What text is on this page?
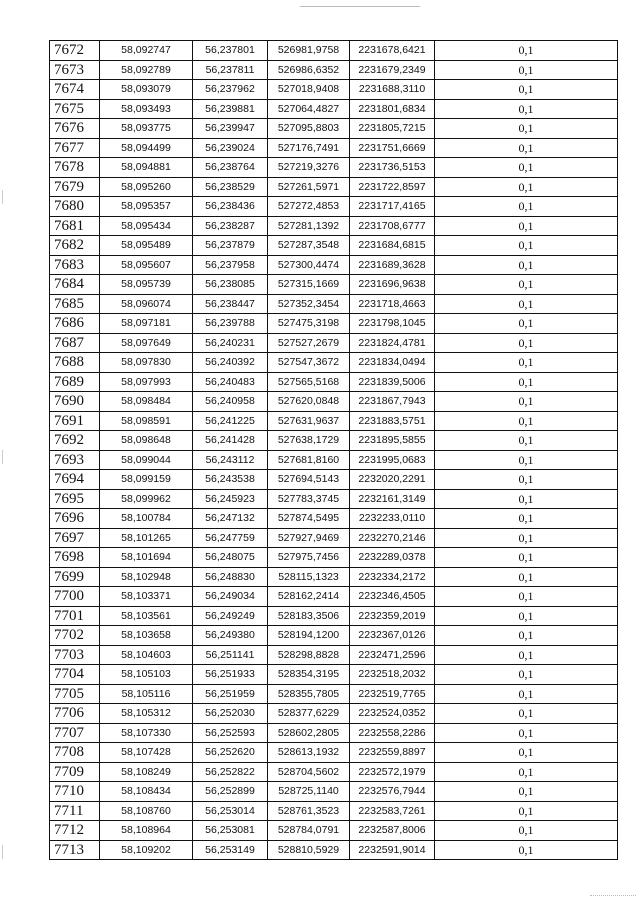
7672	58,092747	56,237801	526981,9758	2231678,6421	0,1
7673	58,092789	56,237811	526986,6352	2231679,2349	0,1
7674	58,093079	56,237962	527018,9408	2231688,3110	0,1
7675	58,093493	56,239881	527064,4827	2231801,6834	0,1
7676	58,093775	56,239947	527095,8803	2231805,7215	0,1
7677	58,094499	56,239024	527176,7491	2231751,6669	0,1
7678	58,094881	56,238764	527219,3276	2231736,5153	0,1
7679	58,095260	56,238529	527261,5971	2231722,8597	0,1
7680	58,095357	56,238436	527272,4853	2231717,4165	0,1
7681	58,095434	56,238287	527281,1392	2231708,6777	0,1
7682	58,095489	56,237879	527287,3548	2231684,6815	0,1
7683	58,095607	56,237958	527300,4474	2231689,3628	0,1
7684	58,095739	56,238085	527315,1669	2231696,9638	0,1
7685	58,096074	56,238447	527352,3454	2231718,4663	0,1
7686	58,097181	56,239788	527475,3198	2231798,1045	0,1
7687	58,097649	56,240231	527527,2679	2231824,4781	0,1
7688	58,097830	56,240392	527547,3672	2231834,0494	0,1
7689	58,097993	56,240483	527565,5168	2231839,5006	0,1
7690	58,098484	56,240958	527620,0848	2231867,7943	0,1
7691	58,098591	56,241225	527631,9637	2231883,5751	0,1
7692	58,098648	56,241428	527638,1729	2231895,5855	0,1
7693	58,099044	56,243112	527681,8160	2231995,0683	0,1
7694	58,099159	56,243538	527694,5143	2232020,2291	0,1
7695	58,099962	56,245923	527783,3745	2232161,3149	0,1
7696	58,100784	56,247132	527874,5495	2232233,0110	0,1
7697	58,101265	56,247759	527927,9469	2232270,2146	0,1
7698	58,101694	56,248075	527975,7456	2232289,0378	0,1
7699	58,102948	56,248830	528115,1323	2232334,2172	0,1
7700	58,103371	56,249034	528162,2414	2232346,4505	0,1
7701	58,103561	56,249249	528183,3506	2232359,2019	0,1
7702	58,103658	56,249380	528194,1200	2232367,0126	0,1
7703	58,104603	56,251141	528298,8828	2232471,2596	0,1
7704	58,105103	56,251933	528354,3195	2232518,2032	0,1
7705	58,105116	56,251959	528355,7805	2232519,7765	0,1
7706	58,105312	56,252030	528377,6229	2232524,0352	0,1
7707	58,107330	56,252593	528602,2805	2232558,2286	0,1
7708	58,107428	56,252620	528613,1932	2232559,8897	0,1
7709	58,108249	56,252822	528704,5602	2232572,1979	0,1
7710	58,108434	56,252899	528725,1140	2232576,7944	0,1
7711	58,108760	56,253014	528761,3523	2232583,7261	0,1
7712	58,108964	56,253081	528784,0791	2232587,8006	0,1
7713	58,109202	56,253149	528810,5929	2232591,9014	0,1
